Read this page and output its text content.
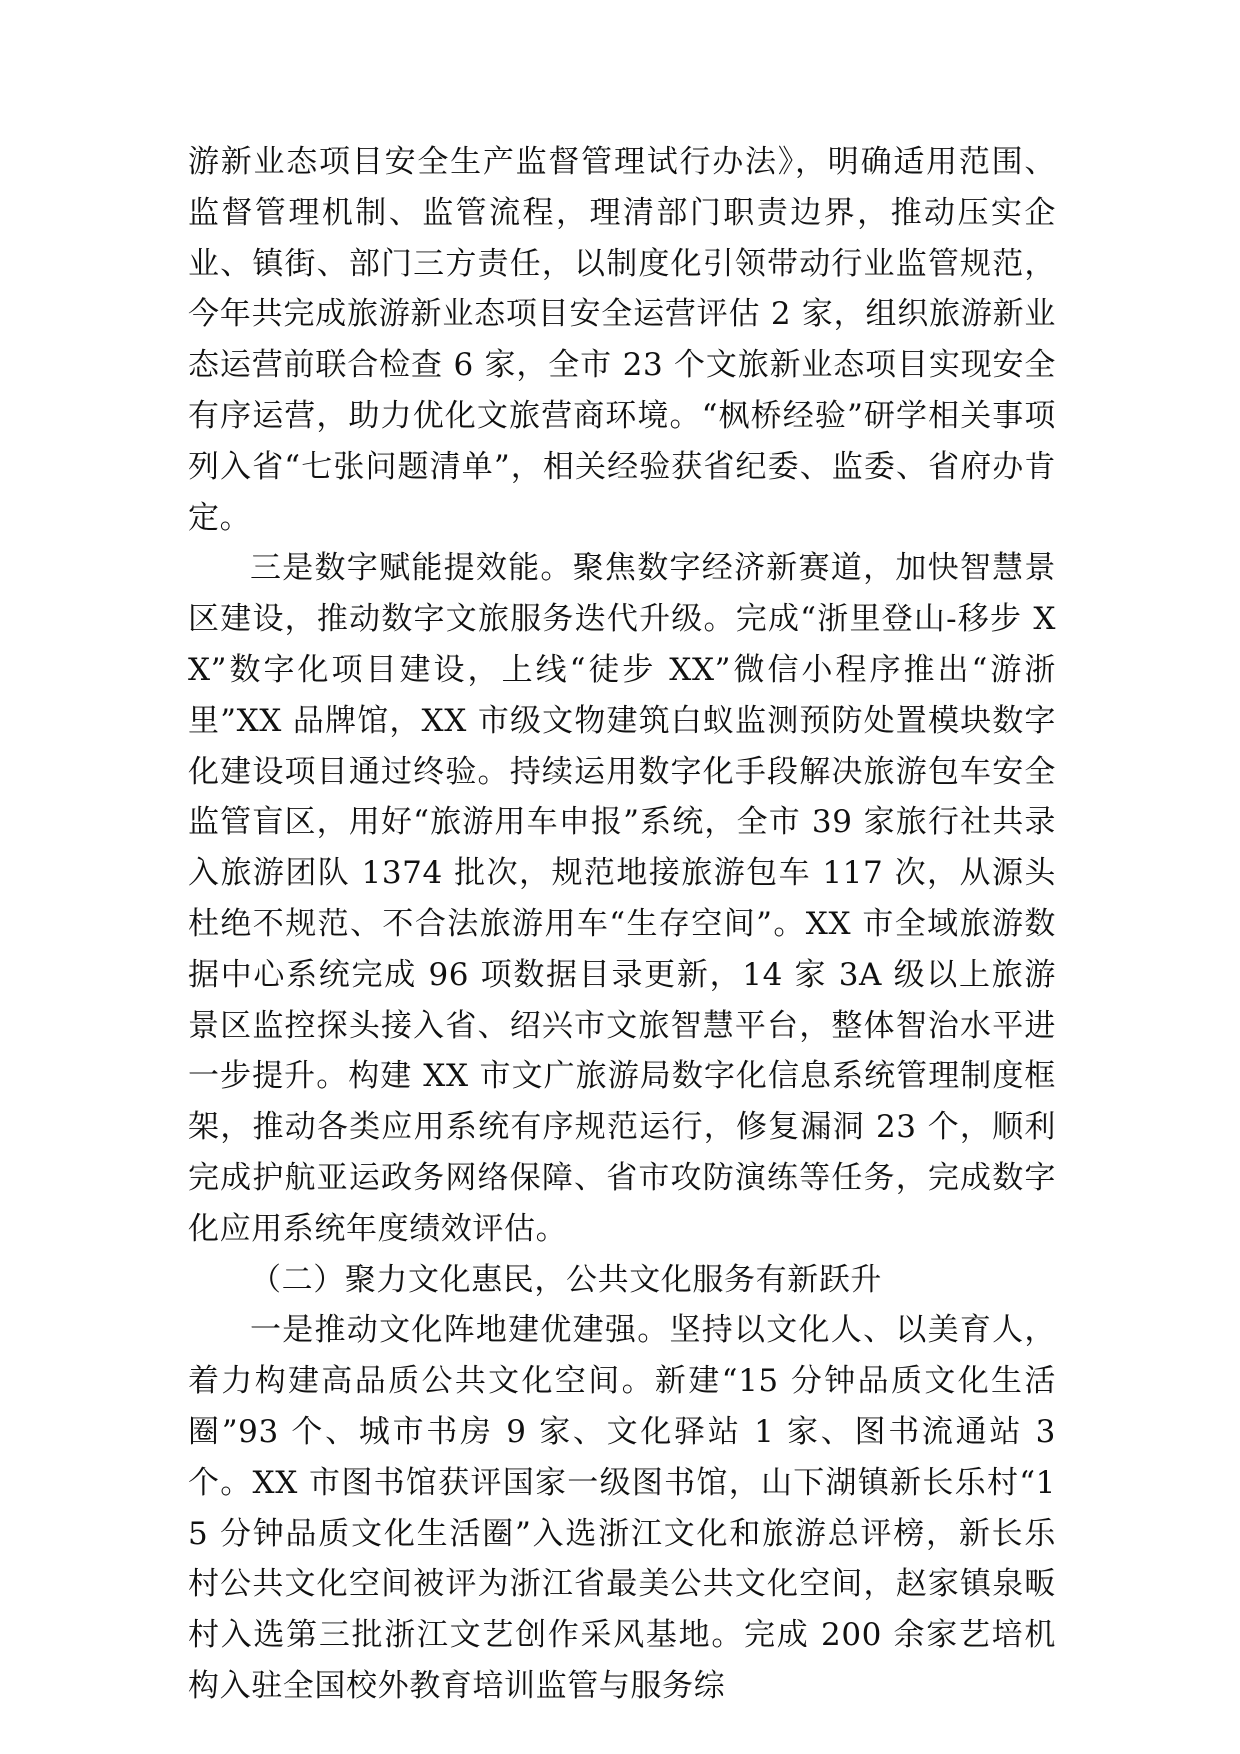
游新业态项目安全生产监督管理试行办法》，明确适用范围、监督管理机制、监管流程，理清部门职责边界，推动压实企业、镇街、部门三方责任，以制度化引领带动行业监管规范，今年共完成旅游新业态项目安全运营评估 2 家，组织旅游新业态运营前联合检查 6 家，全市 23 个文旅新业态项目实现安全有序运营，助力优化文旅营商环境。“枫桥经验”研学相关事项列入省“七张问题清单”，相关经验获省纪委、监委、省府办肯定。

三是数字赋能提效能。聚焦数字经济新赛道，加快智慧景区建设，推动数字文旅服务迭代升级。完成“浙里登山-移步 XX”数字化项目建设，上线“徒步 XX”微信小程序推出“游浙里”XX 品牌馆，XX 市级文物建筑白蚁监测预防处置模块数字化建设项目通过终验。持续运用数字化手段解决旅游包车安全监管盲区，用好“旅游用车申报”系统，全市 39 家旅行社共录入旅游团队 1374 批次，规范地接旅游包车 117 次，从源头杜绝不规范、不合法旅游用车“生存空间”。XX 市全域旅游数据中心系统完成 96 项数据目录更新，14 家 3A 级以上旅游景区监控探头接入省、绍兴市文旅智慧平台，整体智治水平进一步提升。构建 XX 市文广旅游局数字化信息系统管理制度框架，推动各类应用系统有序规范运行，修复漏洞 23 个，顺利完成护航亚运政务网络保障、省市攻防演练等任务，完成数字化应用系统年度绩效评估。

（二）聚力文化惠民，公共文化服务有新跃升

一是推动文化阵地建优建强。坚持以文化人、以美育人，着力构建高品质公共文化空间。新建“15 分钟品质文化生活圈”93 个、城市书房 9 家、文化驿站 1 家、图书流通站 3 个。XX 市图书馆获评国家一级图书馆，山下湖镇新长乐村“15 分钟品质文化生活圈”入选浙江文化和旅游总评榜，新长乐村公共文化空间被评为浙江省最美公共文化空间，赵家镇泉畈村入选第三批浙江文艺创作采风基地。完成 200 余家艺培机构入驻全国校外教育培训监管与服务综
